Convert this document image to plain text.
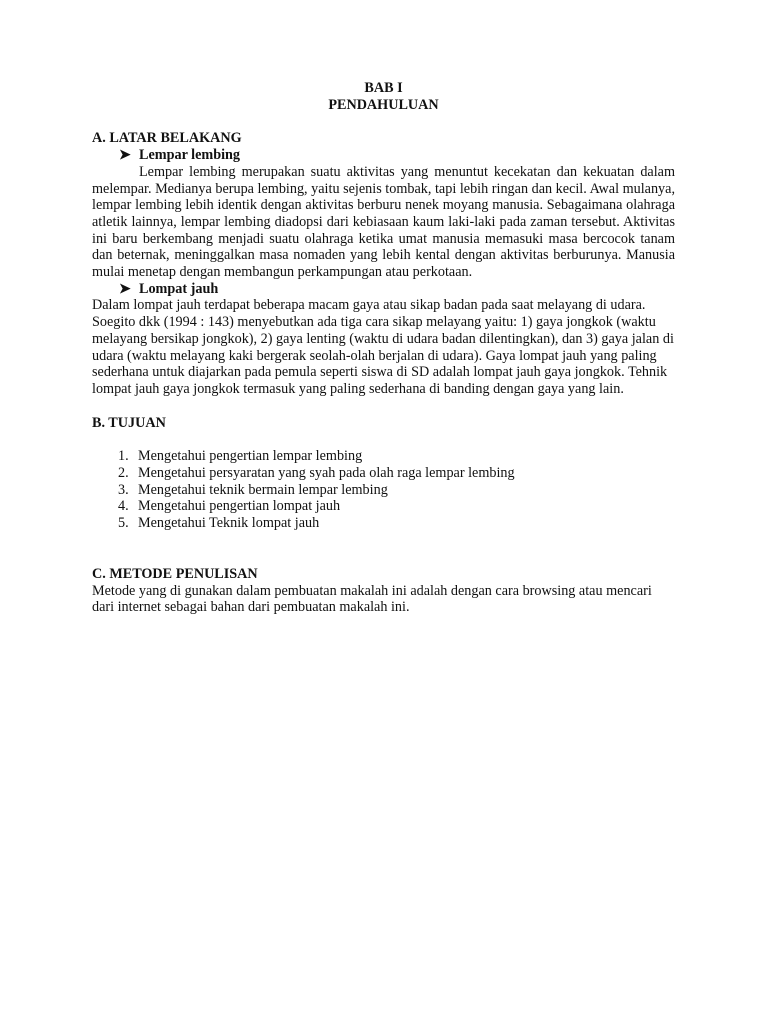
BAB I

PENDAHULUAN

A. LATAR BELAKANG

➤ Lempar lembing

Lempar lembing merupakan suatu aktivitas yang menuntut kecekatan dan kekuatan dalam melempar. Medianya berupa lembing, yaitu sejenis tombak, tapi lebih ringan dan kecil. Awal mulanya, lempar lembing lebih identik dengan aktivitas berburu nenek moyang manusia. Sebagaimana olahraga atletik lainnya, lempar lembing diadopsi dari kebiasaan kaum laki-laki pada zaman tersebut. Aktivitas ini baru berkembang menjadi suatu olahraga ketika umat manusia memasuki masa bercocok tanam dan beternak, meninggalkan masa nomaden yang lebih kental dengan aktivitas berburunya. Manusia mulai menetap dengan membangun perkampungan atau perkotaan.

➤ Lompat jauh

Dalam lompat jauh terdapat beberapa macam gaya atau sikap badan pada saat melayang di udara. Soegito dkk (1994 : 143) menyebutkan ada tiga cara sikap melayang yaitu: 1) gaya jongkok (waktu melayang bersikap jongkok), 2) gaya lenting (waktu di udara badan dilentingkan), dan 3) gaya jalan di udara (waktu melayang kaki bergerak seolah-olah berjalan di udara). Gaya lompat jauh yang paling sederhana untuk diajarkan pada pemula seperti siswa di SD adalah lompat jauh gaya jongkok. Tehnik lompat jauh gaya jongkok termasuk yang paling sederhana di banding dengan gaya yang lain.

B. TUJUAN

1. Mengetahui pengertian lempar lembing
2. Mengetahui persyaratan yang syah pada olah raga lempar lembing
3. Mengetahui teknik bermain lempar lembing
4. Mengetahui pengertian lompat jauh
5. Mengetahui Teknik lompat jauh

C. METODE PENULISAN

Metode yang di gunakan dalam pembuatan makalah ini adalah dengan cara browsing atau mencari dari internet sebagai bahan dari pembuatan makalah ini.
